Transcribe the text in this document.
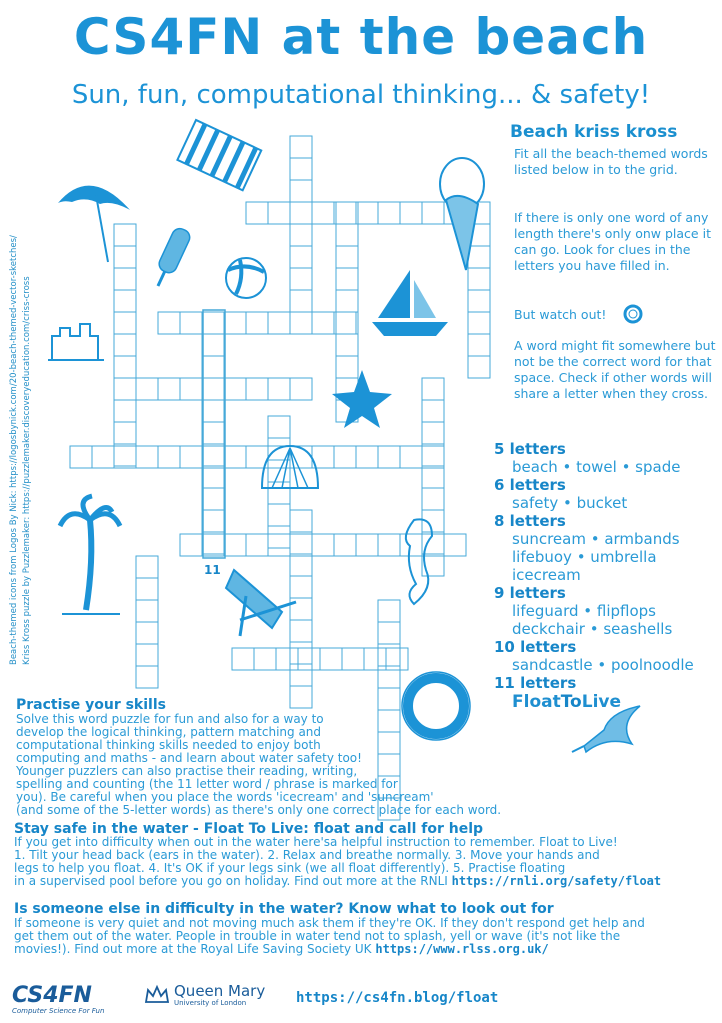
CS4FN at the beach
Sun, fun, computational thinking... & safety!
Beach-themed icons from Logos By Nick: https://logosbynick.com/20-beach-themed-vector-sketches/ Kriss Kross puzzle by Puzzlemaker: https://puzzlemaker.discoveryeducation.com/criss-cross	11
Beach kriss kross
Fit all the beach-themed words listed below in to the grid.
If there is only one word of any length there's only onw place it can go. Look for clues in the letters you have filled in.
But watch out!
A word might fit somewhere but not be the correct word for that space. Check if other words will share a letter when they cross.
5 letters
beach • towel • spade
6 letters
safety • bucket
8 letters
suncream • armbands
lifebuoy • umbrella
icecream
9 letters
lifeguard • flipflops
deckchair • seashells
10 letters
sandcastle • poolnoodle
11 letters
FloatToLive
Practise your skills
Solve this word puzzle for fun and also for a way to
develop the logical thinking, pattern matching and
computational thinking skills needed to enjoy both
computing and maths - and learn about water safety too!
Younger puzzlers can also practise their reading, writing,
spelling and counting (the 11 letter word / phrase is marked for
you). Be careful when you place the words 'icecream' and 'suncream'
(and some of the 5-letter words) as there's only one correct place for each word.
Stay safe in the water - Float To Live: float and call for help
If you get into difficulty when out in the water here'sa helpful instruction to remember. Float to Live!
1. Tilt your head back (ears in the water). 2. Relax and breathe normally. 3. Move your hands and
legs to help you float. 4. It's OK if your legs sink (we all float differently). 5. Practise floating
in a supervised pool before you go on holiday. Find out more at the RNLI https://rnli.org/safety/float
Is someone else in difficulty in the water? Know what to look out for
If someone is very quiet and not moving much ask them if they're OK. If they don't respond get help and
get them out of the water. People in trouble in water tend not to splash, yell or wave (it's not like the
movies!). Find out more at the Royal Life Saving Society UK https://www.rlss.org.uk/
CS4FN
Computer Science For Fun
Queen Mary
University of London	https://cs4fn.blog/float
